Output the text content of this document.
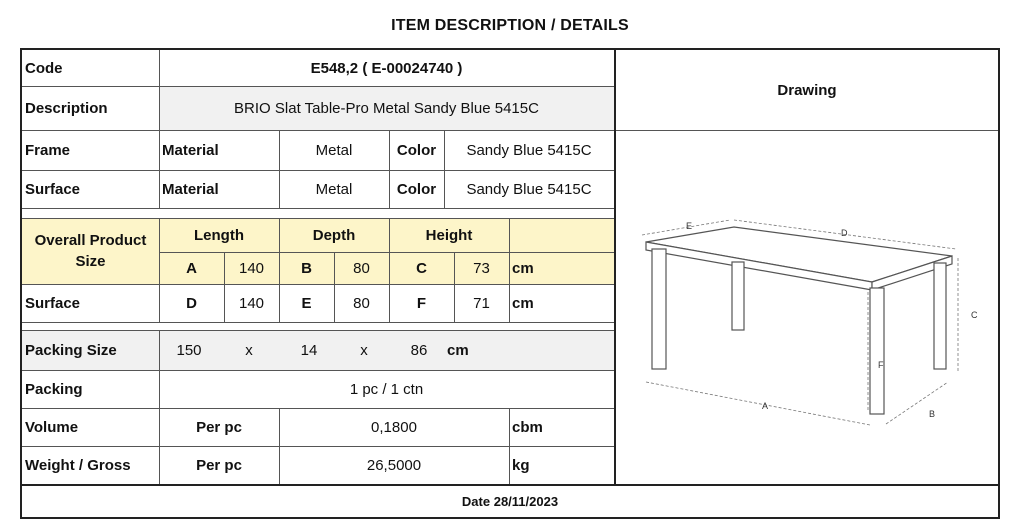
ITEM DESCRIPTION / DETAILS
Code	E548,2 ( E-00024740 )
Description	BRIO Slat Table-Pro Metal Sandy Blue 5415C
Drawing
Frame	Material	Metal	Color	Sandy Blue 5415C
Surface	Material	Metal	Color	Sandy Blue 5415C
Overall Product
Size
Length	Depth	Height
A	140	B	80	C	73	cm
Surface	D	140	E	80	F	71	cm
Packing Size	150	x	14	x	86	cm
Packing	1 pc / 1 ctn
Volume	Per pc	0,1800	cbm
Weight / Gross	Per pc	26,5000	kg
Date 28/11/2023
E
D
C
F
A
B
